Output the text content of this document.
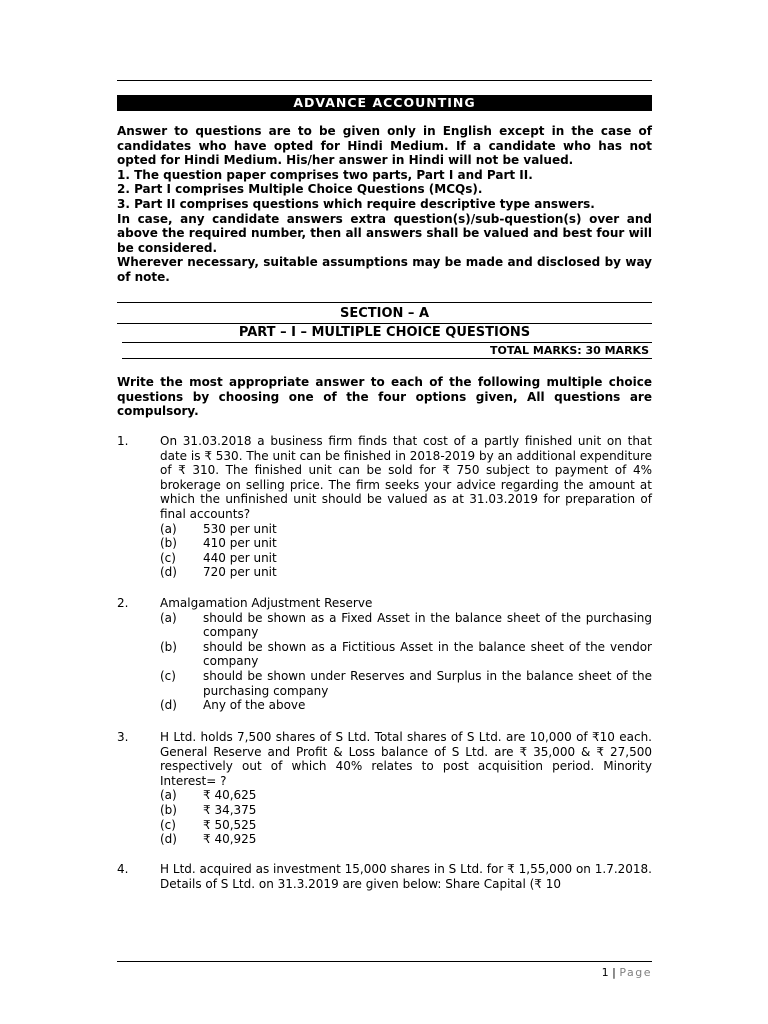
ADVANCE ACCOUNTING

Answer to questions are to be given only in English except in the case of candidates who have opted for Hindi Medium. If a candidate who has not opted for Hindi Medium. His/her answer in Hindi will not be valued.

1. The question paper comprises two parts, Part I and Part II.

2. Part I comprises Multiple Choice Questions (MCQs).

3. Part II comprises questions which require descriptive type answers.

In case, any candidate answers extra question(s)/sub-question(s) over and above the required number, then all answers shall be valued and best four will be considered.

Wherever necessary, suitable assumptions may be made and disclosed by way of note.

SECTION – A
PART – I – MULTIPLE CHOICE QUESTIONS
TOTAL MARKS: 30 MARKS
Write the most appropriate answer to each of the following multiple choice questions by choosing one of the four options given, All questions are compulsory.
1.	On 31.03.2018 a business firm finds that cost of a partly finished unit on that date is ₹ 530. The unit can be finished in 2018-2019 by an additional expenditure of ₹ 310. The finished unit can be sold for ₹ 750 subject to payment of 4% brokerage on selling price. The firm seeks your advice regarding the amount at which the unfinished unit should be valued as at 31.03.2019 for preparation of final accounts?
(a) 530 per unit
(b) 410 per unit
(c) 440 per unit
(d) 720 per unit
2.	Amalgamation Adjustment Reserve
(a) should be shown as a Fixed Asset in the balance sheet of the purchasing company
(b) should be shown as a Fictitious Asset in the balance sheet of the vendor company
(c) should be shown under Reserves and Surplus in the balance sheet of the purchasing company
(d) Any of the above
3.	H Ltd. holds 7,500 shares of S Ltd. Total shares of S Ltd. are 10,000 of ₹10 each. General Reserve and Profit & Loss balance of S Ltd. are ₹ 35,000 & ₹ 27,500 respectively out of which 40% relates to post acquisition period. Minority Interest= ?
(a) ₹ 40,625
(b) ₹ 34,375
(c) ₹ 50,525
(d) ₹ 40,925
4.	H Ltd. acquired as investment 15,000 shares in S Ltd. for ₹ 1,55,000 on 1.7.2018. Details of S Ltd. on 31.3.2019 are given below: Share Capital (₹ 10
1 | Page
